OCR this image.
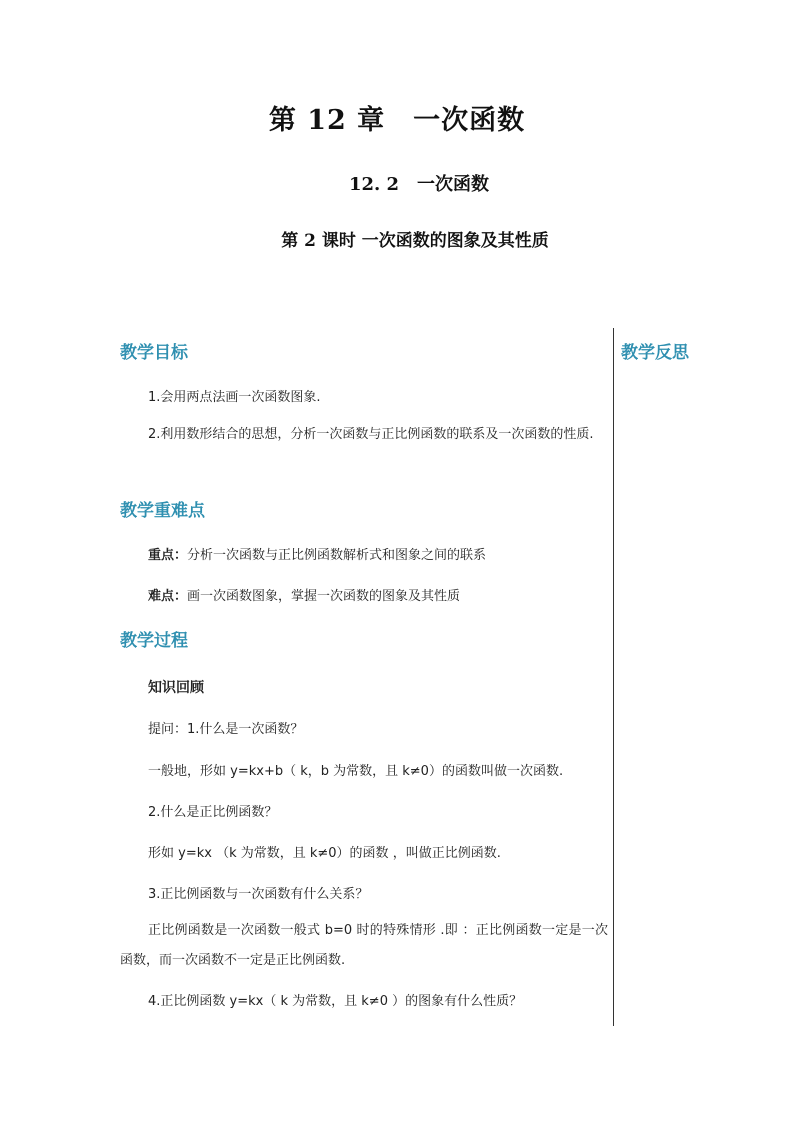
第 12 章　一次函数
12. 2　一次函数
第 2 课时 一次函数的图象及其性质
教学反思
教学目标
1.会用两点法画一次函数图象.
2.利用数形结合的思想，分析一次函数与正比例函数的联系及一次函数的性质.
教学重难点
重点：分析一次函数与正比例函数解析式和图象之间的联系
难点：画一次函数图象，掌握一次函数的图象及其性质
教学过程
知识回顾
提问：1.什么是一次函数？
一般地，形如 y=kx+b（ k，b 为常数，且 k≠0）的函数叫做一次函数.
2.什么是正比例函数？
形如 y=kx （k 为常数，且 k≠0）的函数 ，叫做正比例函数.
3.正比例函数与一次函数有什么关系？
正比例函数是一次函数一般式 b=0 时的特殊情形 .即 ：正比例函数一定是一次函数，而一次函数不一定是正比例函数.
4.正比例函数 y=kx（ k 为常数，且 k≠0 ）的图象有什么性质？
